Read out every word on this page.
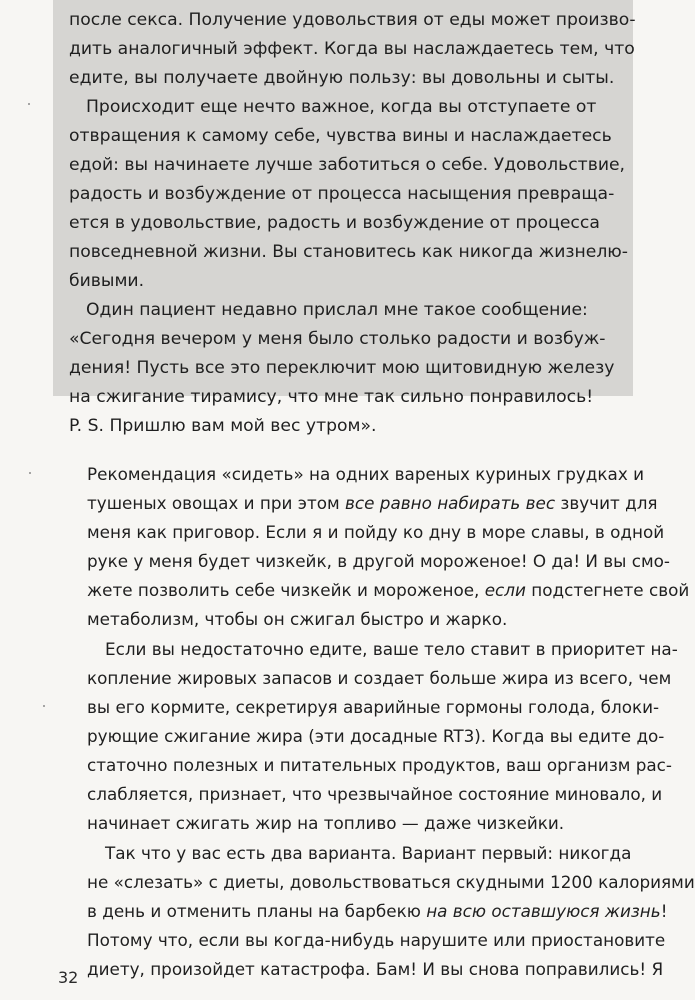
после секса. Получение удовольствия от еды может произво-
дить аналогичный эффект. Когда вы наслаждаетесь тем, что
едите, вы получаете двойную пользу: вы довольны и сыты.
Происходит еще нечто важное, когда вы отступаете от
отвращения к самому себе, чувства вины и наслаждаетесь
едой: вы начинаете лучше заботиться о себе. Удовольствие,
радость и возбуждение от процесса насыщения превраща-
ется в удовольствие, радость и возбуждение от процесса
повседневной жизни. Вы становитесь как никогда жизнелю-
бивыми.
Один пациент недавно прислал мне такое сообщение:
«Сегодня вечером у меня было столько радости и возбуж-
дения! Пусть все это переключит мою щитовидную железу
на сжигание тирамису, что мне так сильно понравилось!
P. S. Пришлю вам мой вес утром».
Рекомендация «сидеть» на одних вареных куриных грудках и
тушеных овощах и при этом все равно набирать вес звучит для
меня как приговор. Если я и пойду ко дну в море славы, в одной
руке у меня будет чизкейк, в другой мороженое! О да! И вы смо-
жете позволить себе чизкейк и мороженое, если подстегнете свой
метаболизм, чтобы он сжигал быстро и жарко.
Если вы недостаточно едите, ваше тело ставит в приоритет на-
копление жировых запасов и создает больше жира из всего, чем
вы его кормите, секретируя аварийные гормоны голода, блоки-
рующие сжигание жира (эти досадные RT3). Когда вы едите до-
статочно полезных и питательных продуктов, ваш организм рас-
слабляется, признает, что чрезвычайное состояние миновало, и
начинает сжигать жир на топливо — даже чизкейки.
Так что у вас есть два варианта. Вариант первый: никогда
не «слезать» с диеты, довольствоваться скудными 1200 калориями
в день и отменить планы на барбекю на всю оставшуюся жизнь!
Потому что, если вы когда-нибудь нарушите или приостановите
диету, произойдет катастрофа. Бам! И вы снова поправились! Я
32
